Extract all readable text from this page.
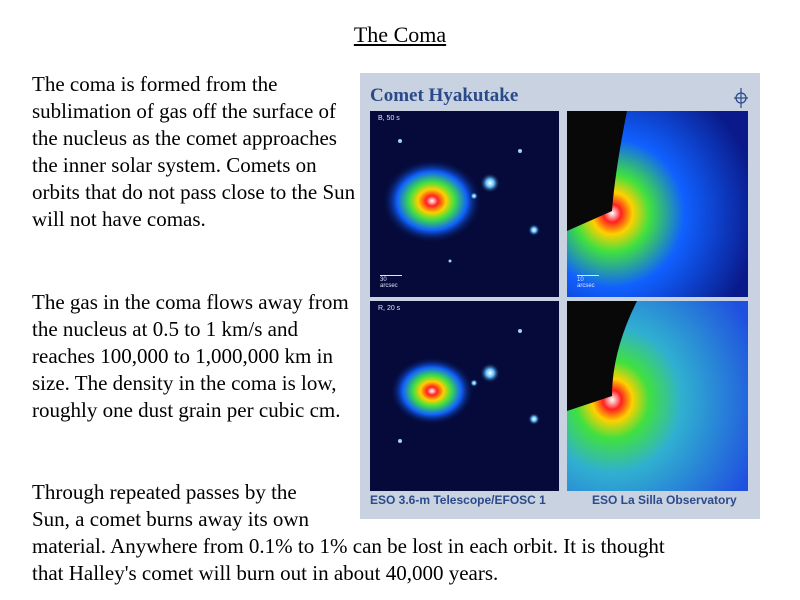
The Coma

The coma is formed from the sublimation of gas off the surface of the nucleus as the comet approaches the inner solar system. Comets on orbits that do not pass close to the Sun will not have comas.

The gas in the coma flows away from the nucleus at 0.5 to 1 km/s and reaches 100,000 to 1,000,000 km in size. The density in the coma is low, roughly one dust grain per cubic cm.

Through repeated passes by the
Sun, a comet burns away its own
material. Anywhere from 0.1% to 1% can be lost in each orbit. It is thought
that Halley's comet will burn out in about 40,000 years.

Comet Hyakutake
B, 50 s
30 arcsec
10 arcsec
R, 20 s
ESO 3.6-m Telescope/EFOSC 1	ESO La Silla Observatory
